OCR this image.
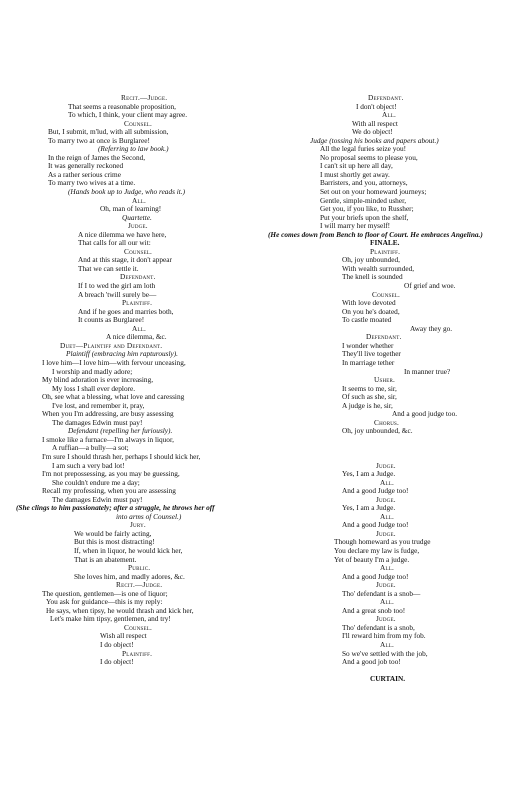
Recit.—Judge.
That seems a reasonable proposition,
To which, I think, your client may agree.
Counsel.
But, I submit, m'lud, with all submission,
To marry two at once is Burglaree!
(Referring to law book.)
In the reign of James the Second,
It was generally reckoned
As a rather serious crime
To marry two wives at a time.
(Hands book up to Judge, who reads it.)
All.
Oh, man of learning!
Quartette.
Judge.
A nice dilemma we have here,
That calls for all our wit:
Counsel.
And at this stage, it don't appear
That we can settle it.
Defendant.
If I to wed the girl am loth
A breach 'twill surely be—
Plaintiff.
And if he goes and marries both,
It counts as Burglaree!
All.
A nice dilemma, &c.
Duet—Plaintiff and Defendant.
Plaintiff (embracing him rapturously).
I love him—I love him—with fervour unceasing,
I worship and madly adore;
My blind adoration is ever increasing,
My loss I shall ever deplore.
Oh, see what a blessing, what love and caressing
I've lost, and remember it, pray,
When you I'm addressing, are busy assessing
The damages Edwin must pay!
Defendant (repelling her furiously).
I smoke like a furnace—I'm always in liquor,
A ruffian—a bully—a sot;
I'm sure I should thrash her, perhaps I should kick her,
I am such a very bad lot!
I'm not prepossessing, as you may be guessing,
She couldn't endure me a day;
Recall my professing, when you are assessing
The damages Edwin must pay!
(She clings to him passionately; after a struggle, he throws her off
into arms of Counsel.)
Jury.
We would be fairly acting,
But this is most distracting!
If, when in liquor, he would kick her,
That is an abatement.
Public.
She loves him, and madly adores, &c.
Recit.—Judge.
The question, gentlemen—is one of liquor;
You ask for guidance—this is my reply:
He says, when tipsy, he would thrash and kick her,
Let's make him tipsy, gentlemen, and try!
Counsel.
Wish all respect
I do object!
Plaintiff.
I do object!
Defendant.
I don't object!
All.
With all respect
We do object!
Judge (tossing his books and papers about.)
All the legal furies seize you!
No proposal seems to please you,
I can't sit up here all day,
I must shortly get away.
Barristers, and you, attorneys,
Set out on your homeward journeys;
Gentle, simple-minded usher,
Get you, if you like, to Russher;
Put your briefs upon the shelf,
I will marry her myself!
(He comes down from Bench to floor of Court. He embraces Angelina.)
FINALE.
Plaintiff.
Oh, joy unbounded,
With wealth surrounded,
The knell is sounded
Of grief and woe.
Counsel.
With love devoted
On you he's doated,
To castle moated
Away they go.
Defendant.
I wonder whether
They'll live together
In marriage tether
In manner true?
Usher.
It seems to me, sir,
Of such as she, sir,
A judge is he, sir,
And a good judge too.
Chorus.
Oh, joy unbounded, &c.
Judge.
Yes, I am a Judge.
All.
And a good Judge too!
Judge.
Yes, I am a Judge.
All.
And a good Judge too!
Judge.
Though homeward as you trudge
You declare my law is fudge,
Yet of beauty I'm a judge.
All.
And a good Judge too!
Judge.
Tho' defendant is a snob—
All.
And a great snob too!
Judge.
Tho' defendant is a snob,
I'll reward him from my fob.
All.
So we've settled with the job,
And a good job too!
CURTAIN.
